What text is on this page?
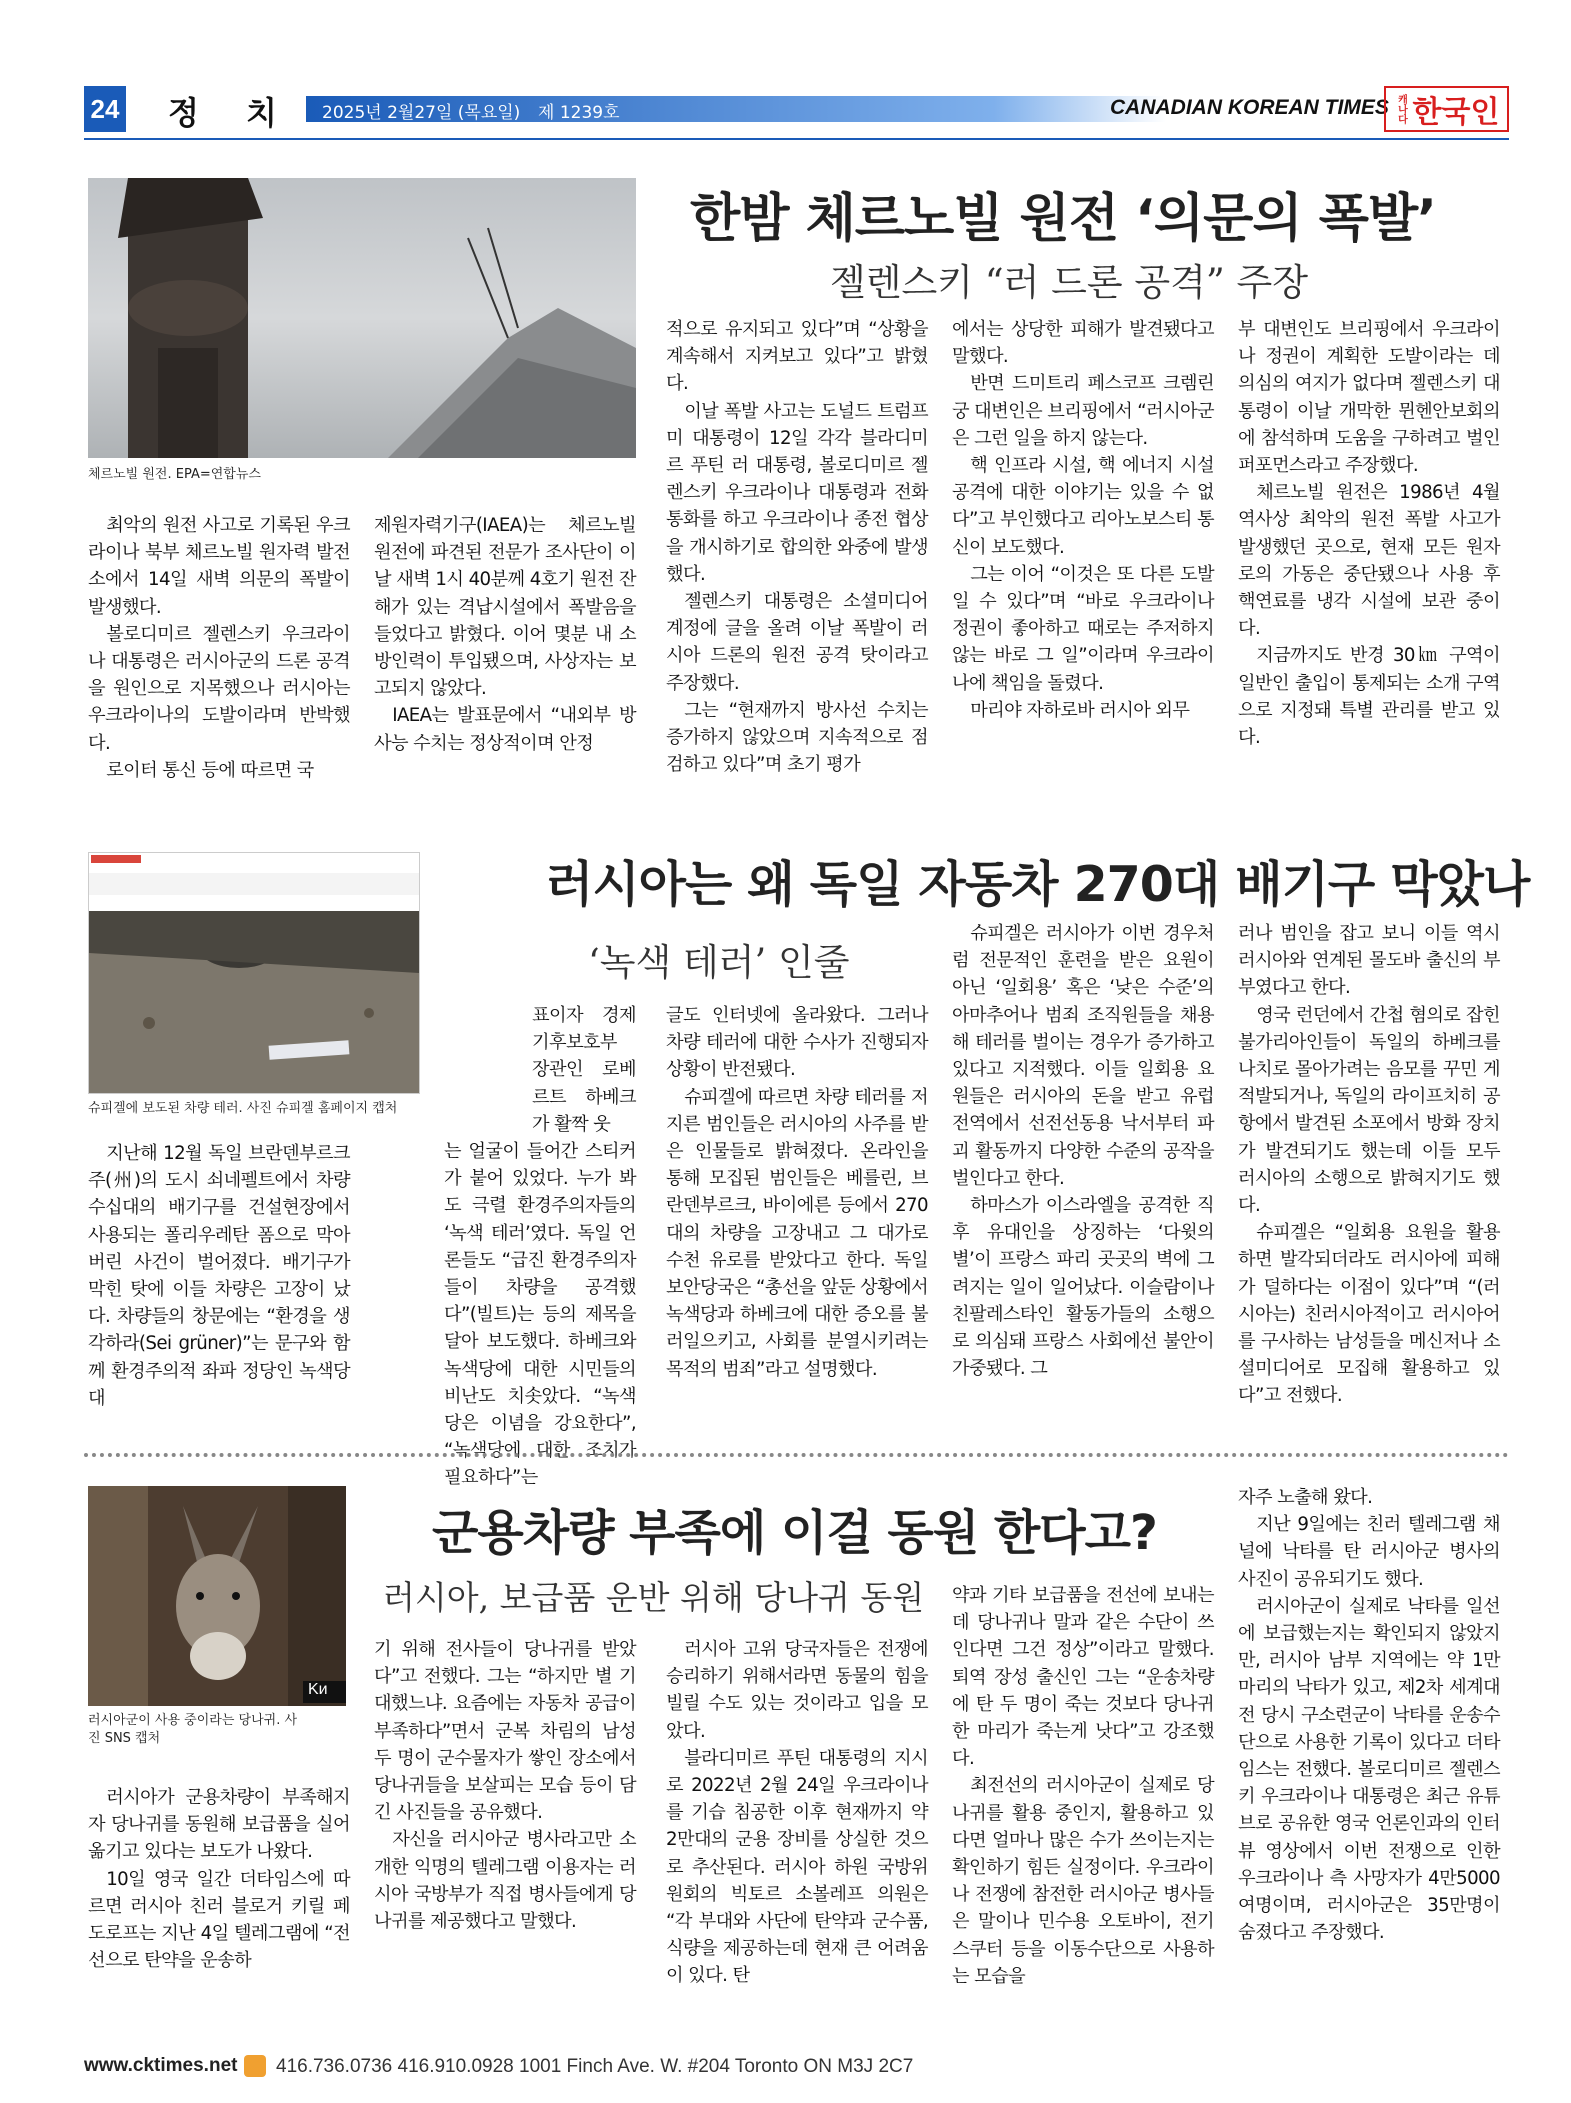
24 정 치 2025년 2월27일 (목요일) 제 1239호	CANADIAN KOREAN TIMES 캐나다 한국인
체르노빌 원전. EPA=연합뉴스
한밤 체르노빌 원전 ‘의문의 폭발’
젤렌스키 “러 드론 공격” 주장

최악의 원전 사고로 기록된 우크라이나 북부 체르노빌 원자력 발전소에서 14일 새벽 의문의 폭발이 발생했다.

볼로디미르 젤렌스키 우크라이나 대통령은 러시아군의 드론 공격을 원인으로 지목했으나 러시아는 우크라이나의 도발이라며 반박했다.

로이터 통신 등에 따르면 국

제원자력기구(IAEA)는 체르노빌 원전에 파견된 전문가 조사단이 이날 새벽 1시 40분께 4호기 원전 잔해가 있는 격납시설에서 폭발음을 들었다고 밝혔다. 이어 몇분 내 소방인력이 투입됐으며, 사상자는 보고되지 않았다.

IAEA는 발표문에서 “내외부 방사능 수치는 정상적이며 안정

적으로 유지되고 있다”며 “상황을 계속해서 지켜보고 있다”고 밝혔다.

이날 폭발 사고는 도널드 트럼프 미 대통령이 12일 각각 블라디미르 푸틴 러 대통령, 볼로디미르 젤렌스키 우크라이나 대통령과 전화 통화를 하고 우크라이나 종전 협상을 개시하기로 합의한 와중에 발생했다.

젤렌스키 대통령은 소셜미디어 계정에 글을 올려 이날 폭발이 러시아 드론의 원전 공격 탓이라고 주장했다.

그는 “현재까지 방사선 수치는 증가하지 않았으며 지속적으로 점검하고 있다”며 초기 평가

에서는 상당한 피해가 발견됐다고 말했다.

반면 드미트리 페스코프 크렘린궁 대변인은 브리핑에서 “러시아군은 그런 일을 하지 않는다.

핵 인프라 시설, 핵 에너지 시설 공격에 대한 이야기는 있을 수 없다”고 부인했다고 리아노보스티 통신이 보도했다.

그는 이어 “이것은 또 다른 도발일 수 있다”며 “바로 우크라이나 정권이 좋아하고 때로는 주저하지 않는 바로 그 일”이라며 우크라이나에 책임을 돌렸다.

마리야 자하로바 러시아 외무

부 대변인도 브리핑에서 우크라이나 정권이 계획한 도발이라는 데 의심의 여지가 없다며 젤렌스키 대통령이 이날 개막한 뮌헨안보회의에 참석하며 도움을 구하려고 벌인 퍼포먼스라고 주장했다.

체르노빌 원전은 1986년 4월 역사상 최악의 원전 폭발 사고가 발생했던 곳으로, 현재 모든 원자로의 가동은 중단됐으나 사용 후 핵연료를 냉각 시설에 보관 중이다.

지금까지도 반경 30㎞ 구역이 일반인 출입이 통제되는 소개 구역으로 지정돼 특별 관리를 받고 있다.

슈피겔에 보도된 차량 테러. 사진 슈피겔 홈페이지 캡처
러시아는 왜 독일 자동차 270대 배기구 막았나
‘녹색 테러’ 인줄

지난해 12월 독일 브란덴부르크주(州)의 도시 쇠네펠트에서 차량 수십대의 배기구를 건설현장에서 사용되는 폴리우레탄 폼으로 막아버린 사건이 벌어졌다. 배기구가 막힌 탓에 이들 차량은 고장이 났다. 차량들의 창문에는 “환경을 생각하라(Sei grüner)”는 문구와 함께 환경주의적 좌파 정당인 녹색당 대

표이자 경제 기후보호부 장관인 로베르트 하베크가 활짝 웃

는 얼굴이 들어간 스티커가 붙어 있었다. 누가 봐도 극렬 환경주의자들의 ‘녹색 테러’였다. 독일 언론들도 “급진 환경주의자들이 차량을 공격했다”(빌트)는 등의 제목을 달아 보도했다. 하베크와 녹색당에 대한 시민들의 비난도 치솟았다. “녹색당은 이념을 강요한다”, “녹색당에 대한 조치가 필요하다”는

글도 인터넷에 올라왔다. 그러나 차량 테러에 대한 수사가 진행되자 상황이 반전됐다.

슈피겔에 따르면 차량 테러를 저지른 범인들은 러시아의 사주를 받은 인물들로 밝혀졌다. 온라인을 통해 모집된 범인들은 베를린, 브란덴부르크, 바이에른 등에서 270대의 차량을 고장내고 그 대가로 수천 유로를 받았다고 한다. 독일 보안당국은 “총선을 앞둔 상황에서 녹색당과 하베크에 대한 증오를 불러일으키고, 사회를 분열시키려는 목적의 범죄”라고 설명했다.

슈피겔은 러시아가 이번 경우처럼 전문적인 훈련을 받은 요원이 아닌 ‘일회용’ 혹은 ‘낮은 수준’의 아마추어나 범죄 조직원들을 채용해 테러를 벌이는 경우가 증가하고 있다고 지적했다. 이들 일회용 요원들은 러시아의 돈을 받고 유럽 전역에서 선전선동용 낙서부터 파괴 활동까지 다양한 수준의 공작을 벌인다고 한다.

하마스가 이스라엘을 공격한 직후 유대인을 상징하는 ‘다윗의 별’이 프랑스 파리 곳곳의 벽에 그려지는 일이 일어났다. 이슬람이나 친팔레스타인 활동가들의 소행으로 의심돼 프랑스 사회에선 불안이 가중됐다. 그

러나 범인을 잡고 보니 이들 역시 러시아와 연계된 몰도바 출신의 부부였다고 한다.

영국 런던에서 간첩 혐의로 잡힌 불가리아인들이 독일의 하베크를 나치로 몰아가려는 음모를 꾸민 게 적발되거나, 독일의 라이프치히 공항에서 발견된 소포에서 방화 장치가 발견되기도 했는데 이들 모두 러시아의 소행으로 밝혀지기도 했다.

슈피겔은 “일회용 요원을 활용하면 발각되더라도 러시아에 피해가 덜하다는 이점이 있다”며 “(러시아는) 친러시아적이고 러시아어를 구사하는 남성들을 메신저나 소셜미디어로 모집해 활용하고 있다”고 전했다.

Kи
러시아군이 사용 중이라는 당나귀. 사진 SNS 캡처
군용차량 부족에 이걸 동원 한다고?
러시아, 보급품 운반 위해 당나귀 동원

러시아가 군용차량이 부족해지자 당나귀를 동원해 보급품을 실어 옮기고 있다는 보도가 나왔다.

10일 영국 일간 더타임스에 따르면 러시아 친러 블로거 키릴 페도로프는 지난 4일 텔레그램에 “전선으로 탄약을 운송하

기 위해 전사들이 당나귀를 받았다”고 전했다. 그는 “하지만 별 기대했느냐. 요즘에는 자동차 공급이 부족하다”면서 군복 차림의 남성 두 명이 군수물자가 쌓인 장소에서 당나귀들을 보살피는 모습 등이 담긴 사진들을 공유했다.

자신을 러시아군 병사라고만 소개한 익명의 텔레그램 이용자는 러시아 국방부가 직접 병사들에게 당나귀를 제공했다고 말했다.

러시아 고위 당국자들은 전쟁에 승리하기 위해서라면 동물의 힘을 빌릴 수도 있는 것이라고 입을 모았다.

블라디미르 푸틴 대통령의 지시로 2022년 2월 24일 우크라이나를 기습 침공한 이후 현재까지 약 2만대의 군용 장비를 상실한 것으로 추산된다. 러시아 하원 국방위원회의 빅토르 소볼레프 의원은 “각 부대와 사단에 탄약과 군수품, 식량을 제공하는데 현재 큰 어려움이 있다. 탄

약과 기타 보급품을 전선에 보내는데 당나귀나 말과 같은 수단이 쓰인다면 그건 정상”이라고 말했다. 퇴역 장성 출신인 그는 “운송차량에 탄 두 명이 죽는 것보다 당나귀 한 마리가 죽는게 낫다”고 강조했다.

최전선의 러시아군이 실제로 당나귀를 활용 중인지, 활용하고 있다면 얼마나 많은 수가 쓰이는지는 확인하기 힘든 실정이다. 우크라이나 전쟁에 참전한 러시아군 병사들은 말이나 민수용 오토바이, 전기 스쿠터 등을 이동수단으로 사용하는 모습을

자주 노출해 왔다.

지난 9일에는 친러 텔레그램 채널에 낙타를 탄 러시아군 병사의 사진이 공유되기도 했다.

러시아군이 실제로 낙타를 일선에 보급했는지는 확인되지 않았지만, 러시아 남부 지역에는 약 1만 마리의 낙타가 있고, 제2차 세계대전 당시 구소련군이 낙타를 운송수단으로 사용한 기록이 있다고 더타임스는 전했다. 볼로디미르 젤렌스키 우크라이나 대통령은 최근 유튜브로 공유한 영국 언론인과의 인터뷰 영상에서 이번 전쟁으로 인한 우크라이나 측 사망자가 4만5000여명이며, 러시아군은 35만명이 숨졌다고 주장했다.

www.cktimes.net 416.736.0736 416.910.0928 1001 Finch Ave. W. #204 Toronto ON M3J 2C7
